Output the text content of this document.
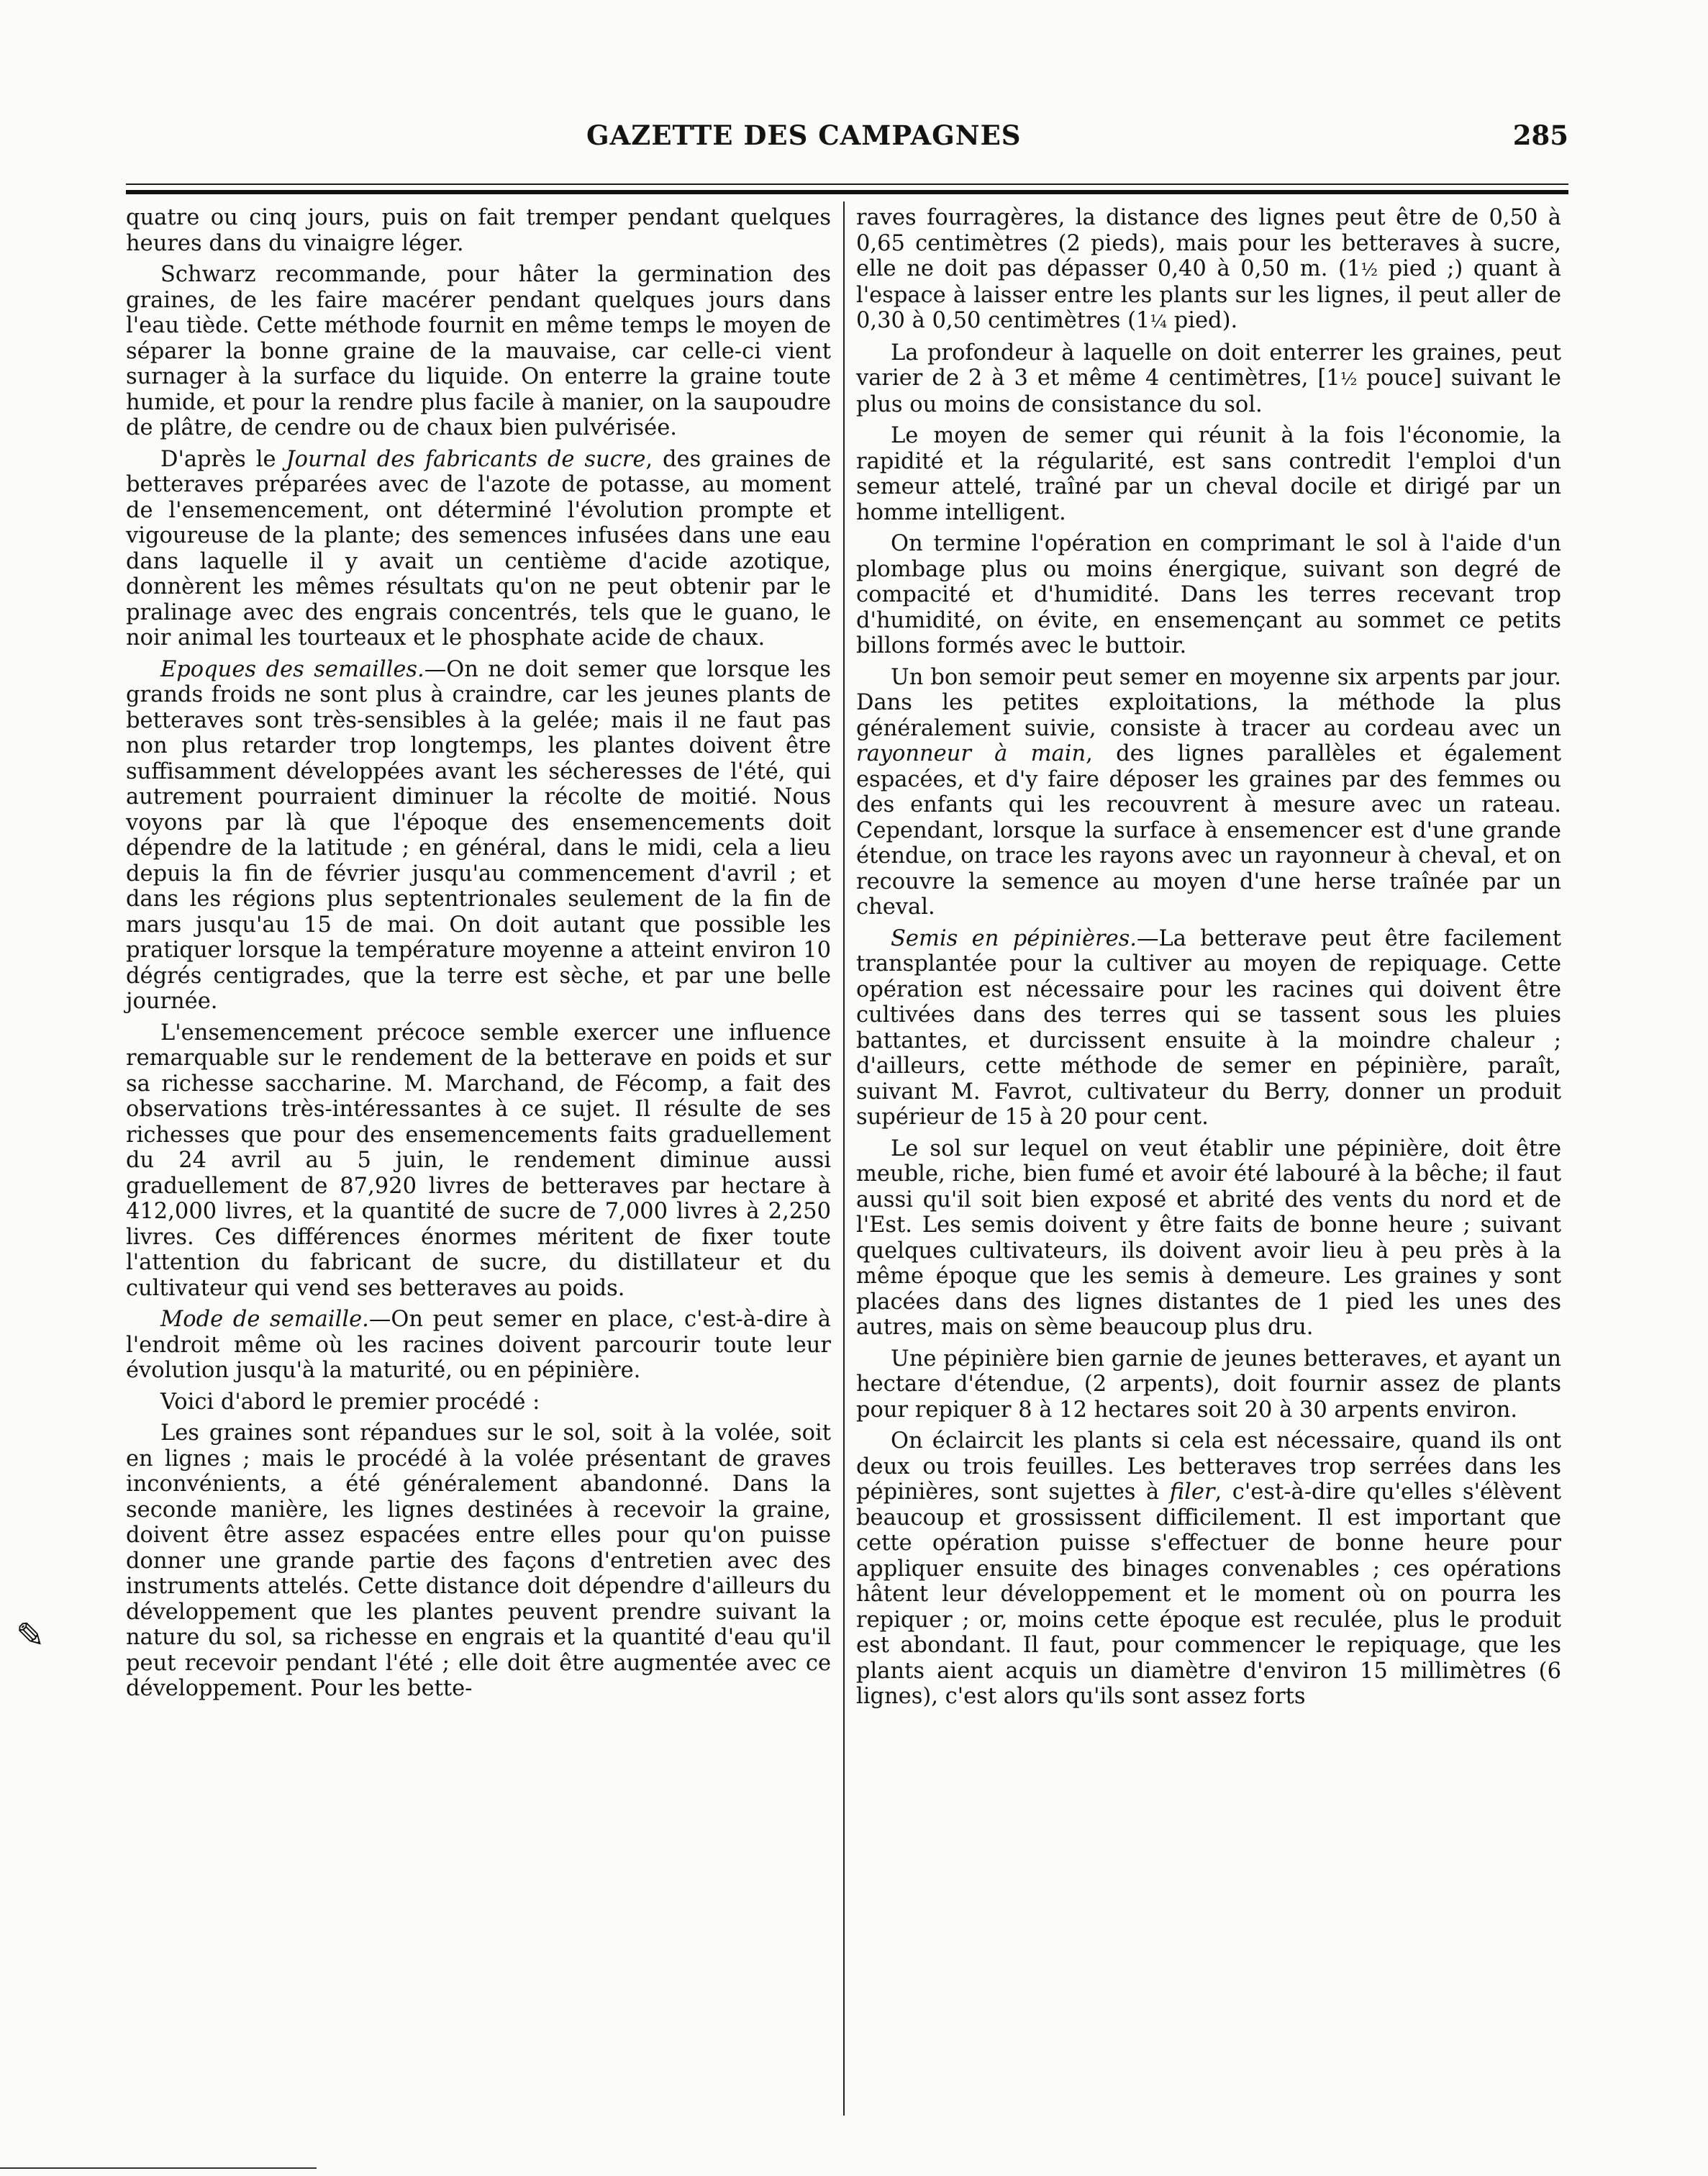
GAZETTE DES CAMPAGNES	285

quatre ou cinq jours, puis on fait tremper pendant quelques heures dans du vinaigre léger.

Schwarz recommande, pour hâter la germination des graines, de les faire macérer pendant quelques jours dans l'eau tiède. Cette méthode fournit en même temps le moyen de séparer la bonne graine de la mauvaise, car celle-ci vient surnager à la surface du liquide. On enterre la graine toute humide, et pour la rendre plus facile à manier, on la saupoudre de plâtre, de cendre ou de chaux bien pulvérisée.

D'après le Journal des fabricants de sucre, des graines de betteraves préparées avec de l'azote de potasse, au moment de l'ensemencement, ont déterminé l'évolution prompte et vigoureuse de la plante; des semences infusées dans une eau dans laquelle il y avait un centième d'acide azotique, donnèrent les mêmes résultats qu'on ne peut obtenir par le pralinage avec des engrais concentrés, tels que le guano, le noir animal les tourteaux et le phosphate acide de chaux.

Epoques des semailles.—On ne doit semer que lorsque les grands froids ne sont plus à craindre, car les jeunes plants de betteraves sont très-sensibles à la gelée; mais il ne faut pas non plus retarder trop longtemps, les plantes doivent être suffisamment développées avant les sécheresses de l'été, qui autrement pourraient diminuer la récolte de moitié. Nous voyons par là que l'époque des ensemencements doit dépendre de la latitude ; en général, dans le midi, cela a lieu depuis la fin de février jusqu'au commencement d'avril ; et dans les régions plus septentrionales seulement de la fin de mars jusqu'au 15 de mai. On doit autant que possible les pratiquer lorsque la température moyenne a atteint environ 10 dégrés centigrades, que la terre est sèche, et par une belle journée.

L'ensemencement précoce semble exercer une influence remarquable sur le rendement de la betterave en poids et sur sa richesse saccharine. M. Marchand, de Fécomp, a fait des observations très-intéressantes à ce sujet. Il résulte de ses richesses que pour des ensemencements faits graduellement du 24 avril au 5 juin, le rendement diminue aussi graduellement de 87,920 livres de betteraves par hectare à 412,000 livres, et la quantité de sucre de 7,000 livres à 2,250 livres. Ces différences énormes méritent de fixer toute l'attention du fabricant de sucre, du distillateur et du cultivateur qui vend ses betteraves au poids.

Mode de semaille.—On peut semer en place, c'est-à-dire à l'endroit même où les racines doivent parcourir toute leur évolution jusqu'à la maturité, ou en pépinière.

Voici d'abord le premier procédé :

Les graines sont répandues sur le sol, soit à la volée, soit en lignes ; mais le procédé à la volée présentant de graves inconvénients, a été généralement abandonné. Dans la seconde manière, les lignes destinées à recevoir la graine, doivent être assez espacées entre elles pour qu'on puisse donner une grande partie des façons d'entretien avec des instruments attelés. Cette distance doit dépendre d'ailleurs du développement que les plantes peuvent prendre suivant la nature du sol, sa richesse en engrais et la quantité d'eau qu'il peut recevoir pendant l'été ; elle doit être augmentée avec ce développement. Pour les bette-

raves fourragères, la distance des lignes peut être de 0,50 à 0,65 centimètres (2 pieds), mais pour les betteraves à sucre, elle ne doit pas dépasser 0,40 à 0,50 m. (1½ pied ;) quant à l'espace à laisser entre les plants sur les lignes, il peut aller de 0,30 à 0,50 centimètres (1¼ pied).

La profondeur à laquelle on doit enterrer les graines, peut varier de 2 à 3 et même 4 centimètres, [1½ pouce] suivant le plus ou moins de consistance du sol.

Le moyen de semer qui réunit à la fois l'économie, la rapidité et la régularité, est sans contredit l'emploi d'un semeur attelé, traîné par un cheval docile et dirigé par un homme intelligent.

On termine l'opération en comprimant le sol à l'aide d'un plombage plus ou moins énergique, suivant son degré de compacité et d'humidité. Dans les terres recevant trop d'humidité, on évite, en ensemençant au sommet ce petits billons formés avec le buttoir.

Un bon semoir peut semer en moyenne six arpents par jour. Dans les petites exploitations, la méthode la plus généralement suivie, consiste à tracer au cordeau avec un rayonneur à main, des lignes parallèles et également espacées, et d'y faire déposer les graines par des femmes ou des enfants qui les recouvrent à mesure avec un rateau. Cependant, lorsque la surface à ensemencer est d'une grande étendue, on trace les rayons avec un rayonneur à cheval, et on recouvre la semence au moyen d'une herse traînée par un cheval.

Semis en pépinières.—La betterave peut être facilement transplantée pour la cultiver au moyen de repiquage. Cette opération est nécessaire pour les racines qui doivent être cultivées dans des terres qui se tassent sous les pluies battantes, et durcissent ensuite à la moindre chaleur ; d'ailleurs, cette méthode de semer en pépinière, paraît, suivant M. Favrot, cultivateur du Berry, donner un produit supérieur de 15 à 20 pour cent.

Le sol sur lequel on veut établir une pépinière, doit être meuble, riche, bien fumé et avoir été labouré à la bêche; il faut aussi qu'il soit bien exposé et abrité des vents du nord et de l'Est. Les semis doivent y être faits de bonne heure ; suivant quelques cultivateurs, ils doivent avoir lieu à peu près à la même époque que les semis à demeure. Les graines y sont placées dans des lignes distantes de 1 pied les unes des autres, mais on sème beaucoup plus dru.

Une pépinière bien garnie de jeunes betteraves, et ayant un hectare d'étendue, (2 arpents), doit fournir assez de plants pour repiquer 8 à 12 hectares soit 20 à 30 arpents environ.

On éclaircit les plants si cela est nécessaire, quand ils ont deux ou trois feuilles. Les betteraves trop serrées dans les pépinières, sont sujettes à filer, c'est-à-dire qu'elles s'élèvent beaucoup et grossissent difficilement. Il est important que cette opération puisse s'effectuer de bonne heure pour appliquer ensuite des binages convenables ; ces opérations hâtent leur développement et le moment où on pourra les repiquer ; or, moins cette époque est reculée, plus le produit est abondant. Il faut, pour commencer le repiquage, que les plants aient acquis un diamètre d'environ 15 millimètres (6 lignes), c'est alors qu'ils sont assez forts

✎
